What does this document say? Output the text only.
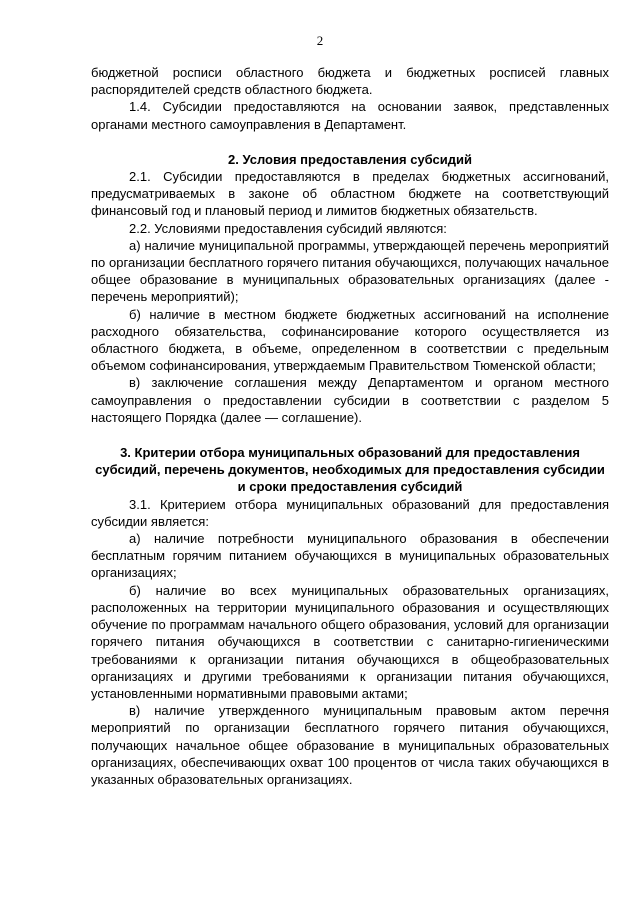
2

бюджетной росписи областного бюджета и бюджетных росписей главных распорядителей средств областного бюджета.

1.4. Субсидии предоставляются на основании заявок, представленных органами местного самоуправления в Департамент.

2. Условия предоставления субсидий

2.1. Субсидии предоставляются в пределах бюджетных ассигнований, предусматриваемых в законе об областном бюджете на соответствующий финансовый год и плановый период и лимитов бюджетных обязательств.

2.2. Условиями предоставления субсидий являются:

а) наличие муниципальной программы, утверждающей перечень мероприятий по организации бесплатного горячего питания обучающихся, получающих начальное общее образование в муниципальных образовательных организациях (далее - перечень мероприятий);

б) наличие в местном бюджете бюджетных ассигнований на исполнение расходного обязательства, софинансирование которого осуществляется из областного бюджета, в объеме, определенном в соответствии с предельным объемом софинансирования, утверждаемым Правительством Тюменской области;

в) заключение соглашения между Департаментом и органом местного самоуправления о предоставлении субсидии в соответствии с разделом 5 настоящего Порядка (далее — соглашение).

3. Критерии отбора муниципальных образований для предоставления субсидий, перечень документов, необходимых для предоставления субсидии и сроки предоставления субсидий

3.1. Критерием отбора муниципальных образований для предоставления субсидии является:

а) наличие потребности муниципального образования в обеспечении бесплатным горячим питанием обучающихся в муниципальных образовательных организациях;

б) наличие во всех муниципальных образовательных организациях, расположенных на территории муниципального образования и осуществляющих обучение по программам начального общего образования, условий для организации горячего питания обучающихся в соответствии с санитарно-гигиеническими требованиями к организации питания обучающихся в общеобразовательных организациях и другими требованиями к организации питания обучающихся, установленными нормативными правовыми актами;

в) наличие утвержденного муниципальным правовым актом перечня мероприятий по организации бесплатного горячего питания обучающихся, получающих начальное общее образование в муниципальных образовательных организациях, обеспечивающих охват 100 процентов от числа таких обучающихся в указанных образовательных организациях.
